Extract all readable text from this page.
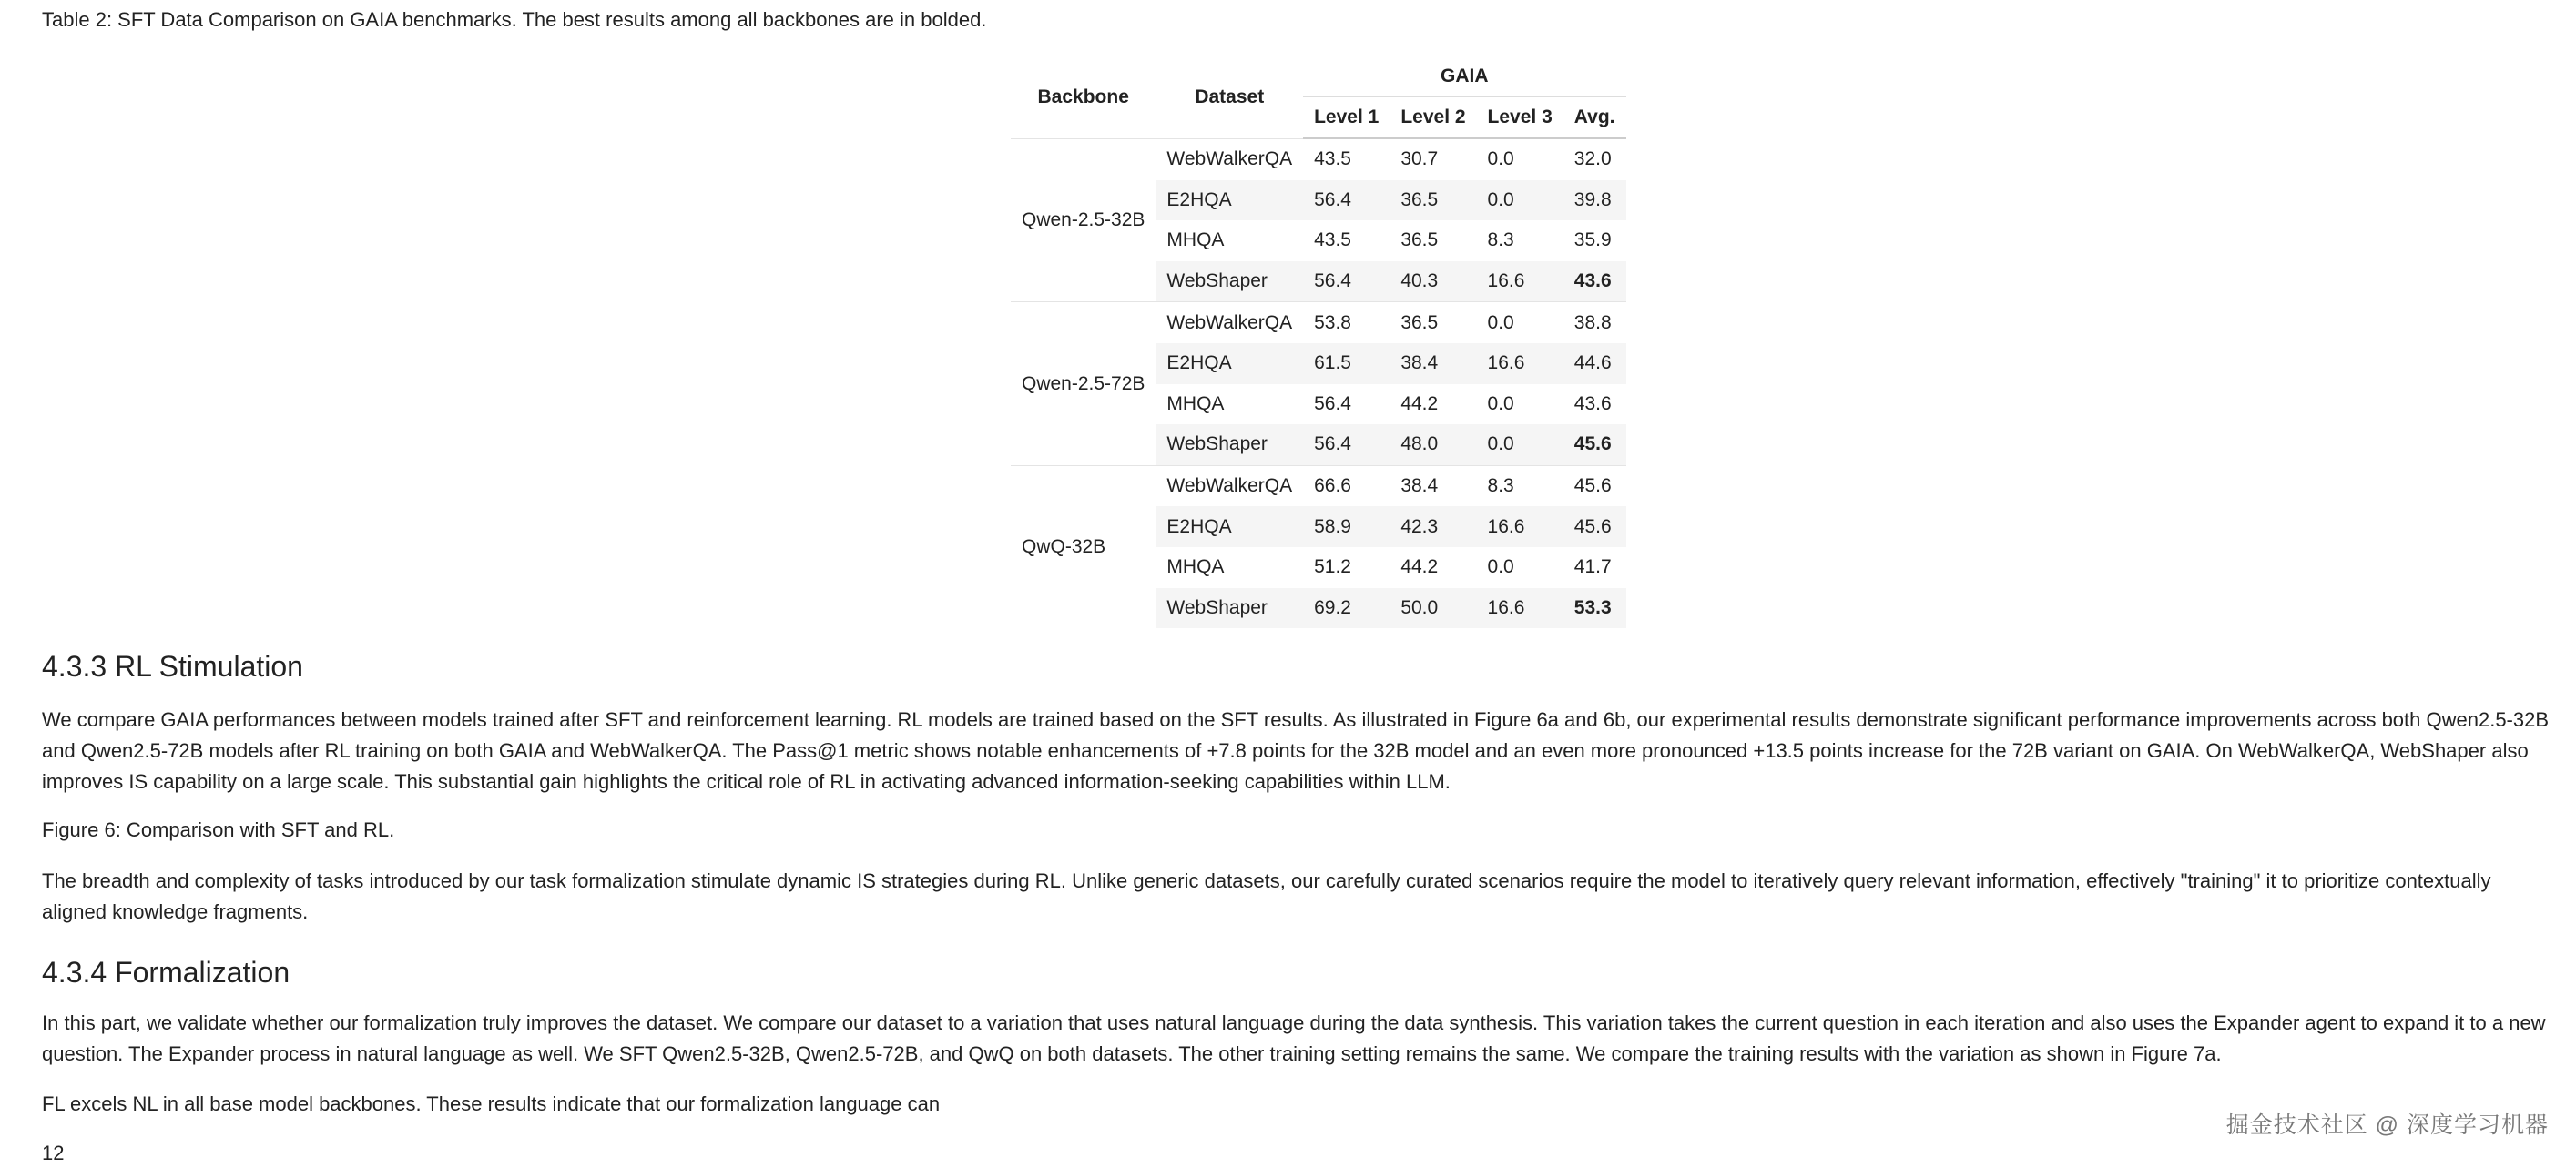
Table 2: SFT Data Comparison on GAIA benchmarks. The best results among all backbones are in bolded.
Backbone	Dataset	GAIA			
		Level 1	Level 2	Level 3	Avg.
Qwen-2.5-32B	WebWalkerQA	43.5	30.7	0.0	32.0
	E2HQA	56.4	36.5	0.0	39.8
	MHQA	43.5	36.5	8.3	35.9
	WebShaper	56.4	40.3	16.6	43.6
Qwen-2.5-72B	WebWalkerQA	53.8	36.5	0.0	38.8
	E2HQA	61.5	38.4	16.6	44.6
	MHQA	56.4	44.2	0.0	43.6
	WebShaper	56.4	48.0	0.0	45.6
QwQ-32B	WebWalkerQA	66.6	38.4	8.3	45.6
	E2HQA	58.9	42.3	16.6	45.6
	MHQA	51.2	44.2	0.0	41.7
	WebShaper	69.2	50.0	16.6	53.3
4.3.3 RL Stimulation
We compare GAIA performances between models trained after SFT and reinforcement learning. RL models are trained based on the SFT results. As illustrated in Figure 6a and 6b, our experimental results demonstrate significant performance improvements across both Qwen2.5-32B and Qwen2.5-72B models after RL training on both GAIA and WebWalkerQA. The Pass@1 metric shows notable enhancements of +7.8 points for the 32B model and an even more pronounced +13.5 points increase for the 72B variant on GAIA. On WebWalkerQA, WebShaper also improves IS capability on a large scale. This substantial gain highlights the critical role of RL in activating advanced information-seeking capabilities within LLM.
Figure 6: Comparison with SFT and RL.
The breadth and complexity of tasks introduced by our task formalization stimulate dynamic IS strategies during RL. Unlike generic datasets, our carefully curated scenarios require the model to iteratively query relevant information, effectively "training" it to prioritize contextually aligned knowledge fragments.
4.3.4 Formalization
In this part, we validate whether our formalization truly improves the dataset. We compare our dataset to a variation that uses natural language during the data synthesis. This variation takes the current question in each iteration and also uses the Expander agent to expand it to a new question. The Expander process in natural language as well. We SFT Qwen2.5-32B, Qwen2.5-72B, and QwQ on both datasets. The other training setting remains the same. We compare the training results with the variation as shown in Figure 7a.
FL excels NL in all base model backbones. These results indicate that our formalization language can
12
掘金技术社区 @ 深度学习机器
